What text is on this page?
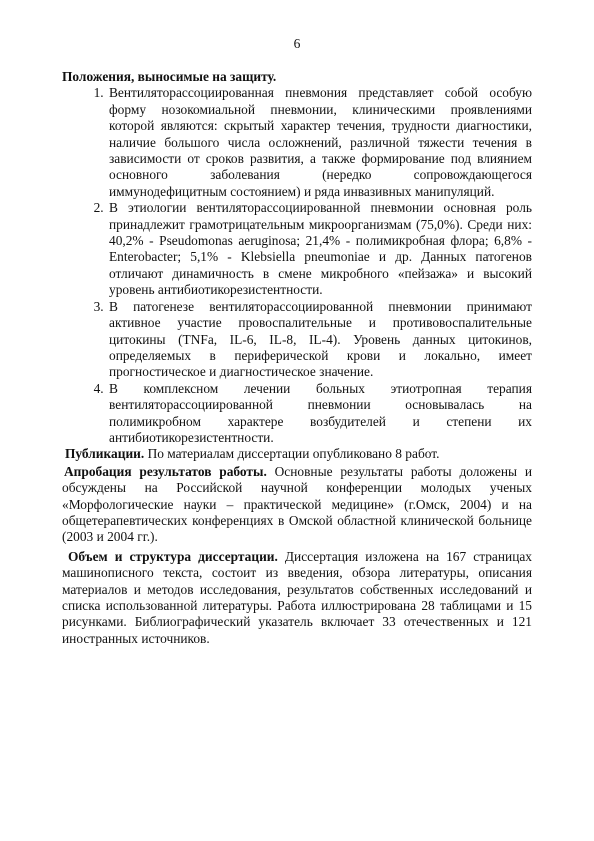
6

Положения, выносимые на защиту.

1. Вентиляторассоциированная пневмония представляет собой особую форму нозокомиальной пневмонии, клиническими проявлениями которой являются: скрытый характер течения, трудности диагностики, наличие большого числа осложнений, различной тяжести течения в зависимости от сроков развития, а также формирование под влиянием основного заболевания (нередко сопровождающегося иммунодефицитным состоянием) и ряда инвазивных манипуляций.
2. В этиологии вентиляторассоциированной пневмонии основная роль принадлежит грамотрицательным микроорганизмам (75,0%). Среди них: 40,2% - Pseudomonas aeruginosa; 21,4% - полимикробная флора; 6,8% - Enterobacter; 5,1% - Klebsiella pneumoniae и др. Данных патогенов отличают динамичность в смене микробного «пейзажа» и высокий уровень антибиотикорезистентности.
3. В патогенезе вентиляторассоциированной пневмонии принимают активное участие провоспалительные и противовоспалительные цитокины (TNFa, IL-6, IL-8, IL-4). Уровень данных цитокинов, определяемых в периферической крови и локально, имеет прогностическое и диагностическое значение.
4. В комплексном лечении больных этиотропная терапия вентиляторассоциированной пневмонии основывалась на полимикробном характере возбудителей и степени их антибиотикорезистентности.

Публикации. По материалам диссертации опубликовано 8 работ.

Апробация результатов работы. Основные результаты работы доложены и обсуждены на Российской научной конференции молодых ученых «Морфологические науки – практической медицине» (г.Омск, 2004) и на общетерапевтических конференциях в Омской областной клинической больнице (2003 и 2004 гг.).

Объем и структура диссертации. Диссертация изложена на 167 страницах машинописного текста, состоит из введения, обзора литературы, описания материалов и методов исследования, результатов собственных исследований и списка использованной литературы. Работа иллюстрирована 28 таблицами и 15 рисунками. Библиографический указатель включает 33 отечественных и 121 иностранных источников.
